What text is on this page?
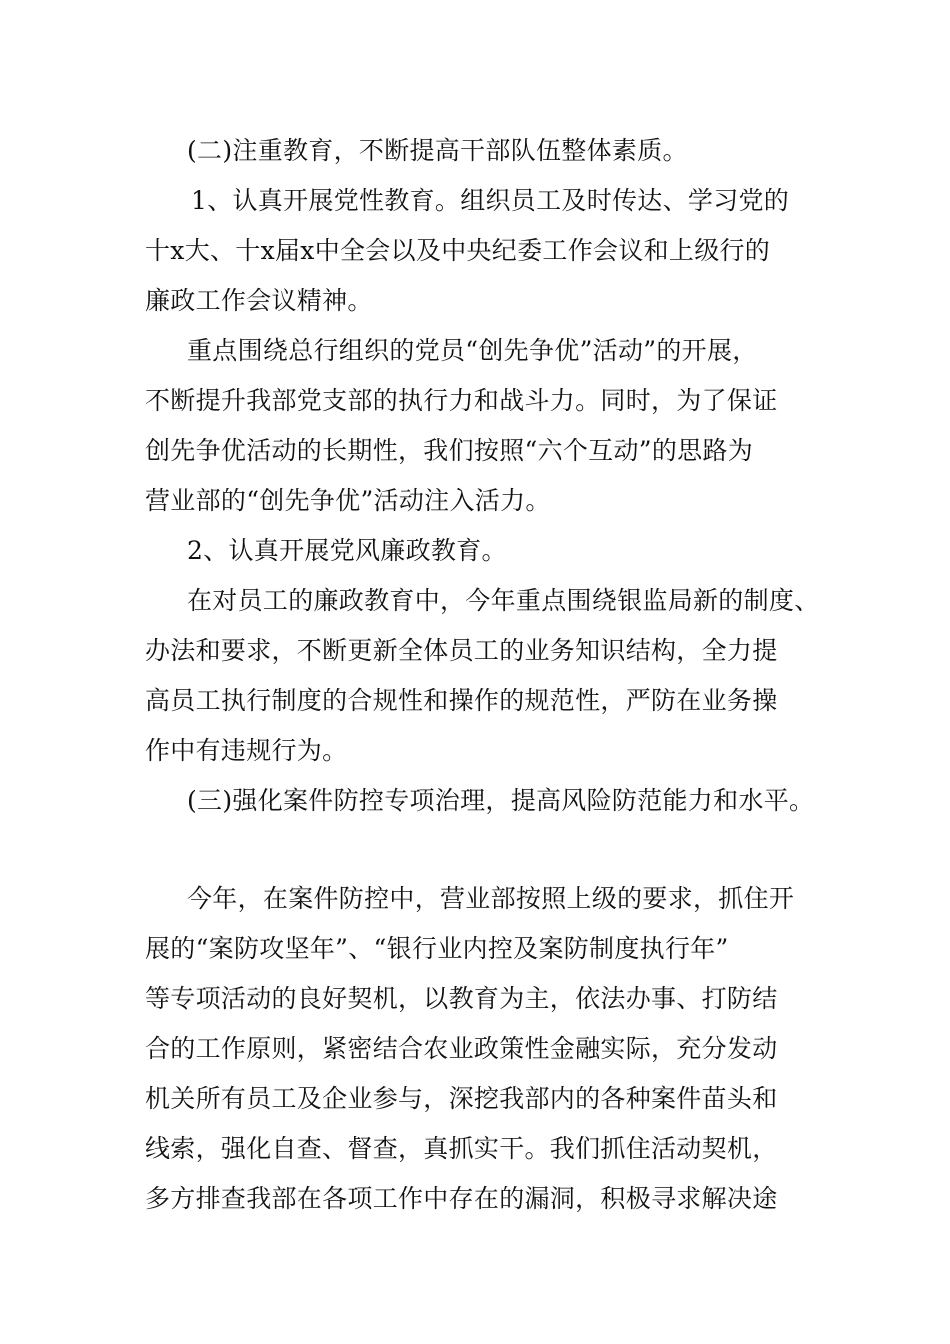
(二)注重教育，不断提高干部队伍整体素质。
1、认真开展党性教育。组织员工及时传达、学习党的
十x大、十x届x中全会以及中央纪委工作会议和上级行的
廉政工作会议精神。
重点围绕总行组织的党员“创先争优”活动”的开展，
不断提升我部党支部的执行力和战斗力。同时，为了保证
创先争优活动的长期性，我们按照“六个互动”的思路为
营业部的“创先争优”活动注入活力。
2、认真开展党风廉政教育。
在对员工的廉政教育中，今年重点围绕银监局新的制度、
办法和要求，不断更新全体员工的业务知识结构，全力提
高员工执行制度的合规性和操作的规范性，严防在业务操
作中有违规行为。
(三)强化案件防控专项治理，提高风险防范能力和水平。
今年，在案件防控中，营业部按照上级的要求，抓住开
展的“案防攻坚年”、“银行业内控及案防制度执行年”
等专项活动的良好契机，以教育为主，依法办事、打防结
合的工作原则，紧密结合农业政策性金融实际，充分发动
机关所有员工及企业参与，深挖我部内的各种案件苗头和
线索，强化自查、督查，真抓实干。我们抓住活动契机，
多方排查我部在各项工作中存在的漏洞，积极寻求解决途
